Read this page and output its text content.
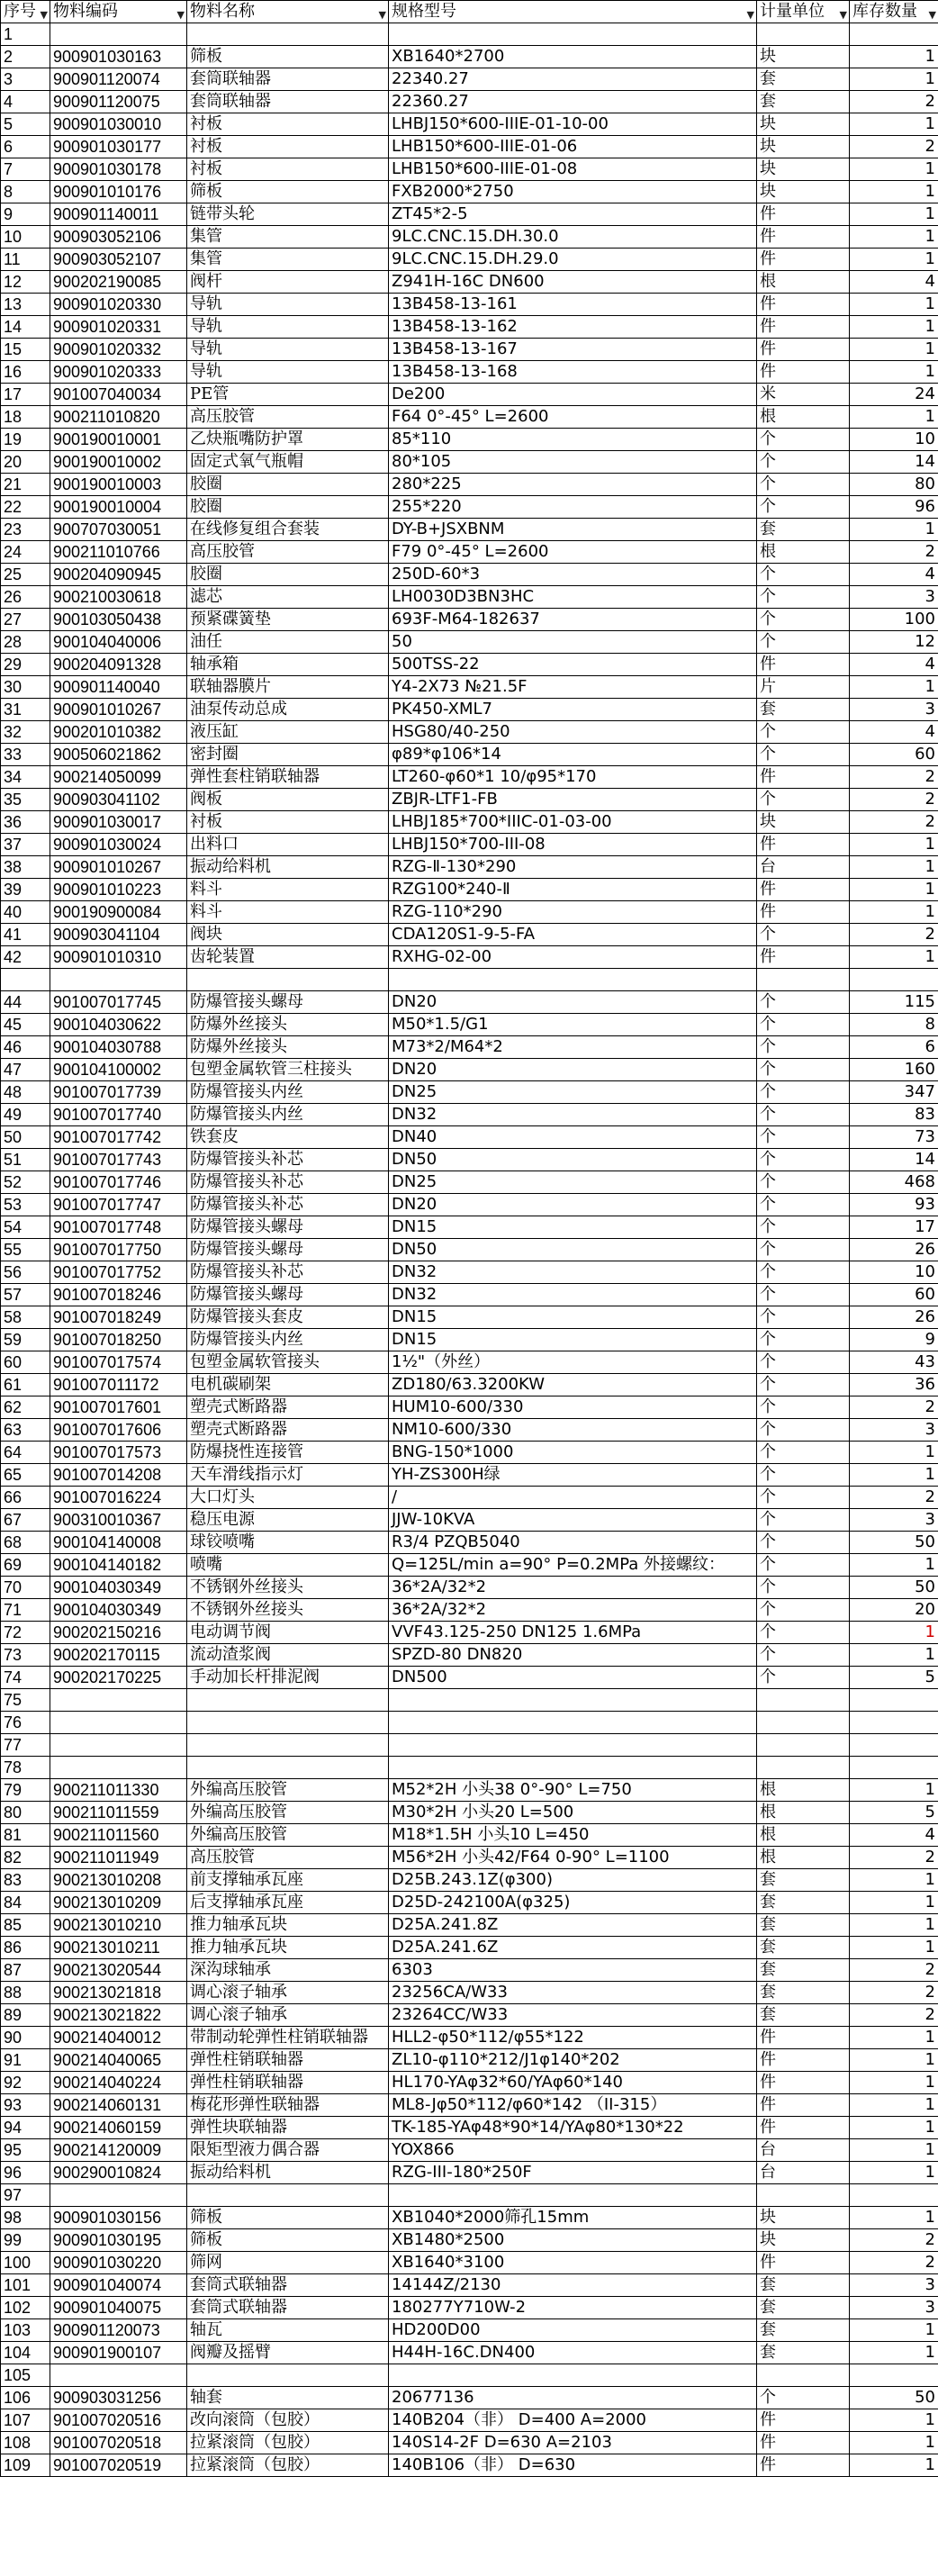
序号 ▼	物料编码 ▼	物料名称 ▼	规格型号 ▼	计量单位 ▼	库存数量 ▼

1					
2	900901030163	筛板	XB1640*2700	块	1
3	900901120074	套筒联轴器	22340.27	套	1
4	900901120075	套筒联轴器	22360.27	套	2
5	900901030010	衬板	LHBJ150*600-IIIE-01-10-00	块	1
6	900901030177	衬板	LHB150*600-IIIE-01-06	块	2
7	900901030178	衬板	LHB150*600-IIIE-01-08	块	1
8	900901010176	筛板	FXB2000*2750	块	1
9	900901140011	链带头轮	ZT45*2-5	件	1
10	900903052106	集管	9LC.CNC.15.DH.30.0	件	1
11	900903052107	集管	9LC.CNC.15.DH.29.0	件	1
12	900202190085	阀杆	Z941H-16C DN600	根	4
13	900901020330	导轨	13B458-13-161	件	1
14	900901020331	导轨	13B458-13-162	件	1
15	900901020332	导轨	13B458-13-167	件	1
16	900901020333	导轨	13B458-13-168	件	1
17	901007040034	PE管	De200	米	24
18	900211010820	高压胶管	F64 0°-45° L=2600	根	1
19	900190010001	乙炔瓶嘴防护罩	85*110	个	10
20	900190010002	固定式氧气瓶帽	80*105	个	14
21	900190010003	胶圈	280*225	个	80
22	900190010004	胶圈	255*220	个	96
23	900707030051	在线修复组合套装	DY-B+JSXBNM	套	1
24	900211010766	高压胶管	F79 0°-45° L=2600	根	2
25	900204090945	胶圈	250D-60*3	个	4
26	900210030618	滤芯	LH0030D3BN3HC	个	3
27	900103050438	预紧碟簧垫	693F-M64-182637	个	100
28	900104040006	油任	50	个	12
29	900204091328	轴承箱	500TSS-22	件	4
30	900901140040	联轴器膜片	Y4-2X73 №21.5F	片	1
31	900901010267	油泵传动总成	PK450-XML7	套	3
32	900201010382	液压缸	HSG80/40-250	个	4
33	900506021862	密封圈	φ89*φ106*14	个	60
34	900214050099	弹性套柱销联轴器	LT260-φ60*1 10/φ95*170	件	2
35	900903041102	阀板	ZBJR-LTF1-FB	个	2
36	900901030017	衬板	LHBJ185*700*IIIC-01-03-00	块	2
37	900901030024	出料口	LHBJ150*700-III-08	件	1
38	900901010267	振动给料机	RZG-Ⅱ-130*290	台	1
39	900901010223	料斗	RZG100*240-Ⅱ	件	1
40	900190900084	料斗	RZG-110*290	件	1
41	900903041104	阀块	CDA120S1-9-5-FA	个	2
42	900901010310	齿轮装置	RXHG-02-00	件	1

44	901007017745	防爆管接头螺母	DN20	个	115
45	900104030622	防爆外丝接头	M50*1.5/G1	个	8
46	900104030788	防爆外丝接头	M73*2/M64*2	个	6
47	900104100002	包塑金属软管三柱接头	DN20	个	160
48	901007017739	防爆管接头内丝	DN25	个	347
49	901007017740	防爆管接头内丝	DN32	个	83
50	901007017742	铁套皮	DN40	个	73
51	901007017743	防爆管接头补芯	DN50	个	14
52	901007017746	防爆管接头补芯	DN25	个	468
53	901007017747	防爆管接头补芯	DN20	个	93
54	901007017748	防爆管接头螺母	DN15	个	17
55	901007017750	防爆管接头螺母	DN50	个	26
56	901007017752	防爆管接头补芯	DN32	个	10
57	901007018246	防爆管接头螺母	DN32	个	60
58	901007018249	防爆管接头套皮	DN15	个	26
59	901007018250	防爆管接头内丝	DN15	个	9
60	901007017574	包塑金属软管接头	1½"（外丝）	个	43
61	901007011172	电机碳刷架	ZD180/63.3200KW	个	36
62	901007017601	塑壳式断路器	HUM10-600/330	个	2
63	901007017606	塑壳式断路器	NM10-600/330	个	3
64	901007017573	防爆挠性连接管	BNG-150*1000	个	1
65	901007014208	天车滑线指示灯	YH-ZS300H绿	个	1
66	901007016224	大口灯头	/	个	2
67	900310010367	稳压电源	JJW-10KVA	个	3
68	900104140008	球铰喷嘴	R3/4 PZQB5040	个	50
69	900104140182	喷嘴	Q=125L/min a=90° P=0.2MPa 外接螺纹：	个	1
70	900104030349	不锈钢外丝接头	36*2A/32*2	个	50
71	900104030349	不锈钢外丝接头	36*2A/32*2	个	20
72	900202150216	电动调节阀	VVF43.125-250 DN125 1.6MPa	个	1
73	900202170115	流动渣浆阀	SPZD-80 DN820	个	1
74	900202170225	手动加长杆排泥阀	DN500	个	5
75					
76					
77					
78					
79	900211011330	外编高压胶管	M52*2H 小头38 0°-90° L=750	根	1
80	900211011559	外编高压胶管	M30*2H 小头20 L=500	根	5
81	900211011560	外编高压胶管	M18*1.5H 小头10 L=450	根	4
82	900211011949	高压胶管	M56*2H 小头42/F64 0-90° L=1100	根	2
83	900213010208	前支撑轴承瓦座	D25B.243.1Z(φ300)	套	1
84	900213010209	后支撑轴承瓦座	D25D-242100A(φ325)	套	1
85	900213010210	推力轴承瓦块	D25A.241.8Z	套	1
86	900213010211	推力轴承瓦块	D25A.241.6Z	套	1
87	900213020544	深沟球轴承	6303	套	2
88	900213021818	调心滚子轴承	23256CA/W33	套	2
89	900213021822	调心滚子轴承	23264CC/W33	套	2
90	900214040012	带制动轮弹性柱销联轴器	HLL2-φ50*112/φ55*122	件	1
91	900214040065	弹性柱销联轴器	ZL10-φ110*212/J1φ140*202	件	1
92	900214040224	弹性柱销联轴器	HL170-YAφ32*60/YAφ60*140	件	1
93	900214060131	梅花形弹性联轴器	ML8-Jφ50*112/φ60*142 （II-315）	件	1
94	900214060159	弹性块联轴器	TK-185-YAφ48*90*14/YAφ80*130*22	件	1
95	900214120009	限矩型液力偶合器	YOX866	台	1
96	900290010824	振动给料机	RZG-III-180*250F	台	1
97					
98	900901030156	筛板	XB1040*2000筛孔15mm	块	1
99	900901030195	筛板	XB1480*2500	块	2
100	900901030220	筛网	XB1640*3100	件	2
101	900901040074	套筒式联轴器	14144Z/2130	套	3
102	900901040075	套筒式联轴器	180277Y710W-2	套	3
103	900901120073	轴瓦	HD200D00	套	1
104	900901900107	阀瓣及摇臂	H44H-16C.DN400	套	1
105					
106	900903031256	轴套	20677136	个	50
107	901007020516	改向滚筒（包胶）	140B204（非） D=400 A=2000	件	1
108	901007020518	拉紧滚筒（包胶）	140S14-2F D=630 A=2103	件	1
109	901007020519	拉紧滚筒（包胶）	140B106（非） D=630	件	1
